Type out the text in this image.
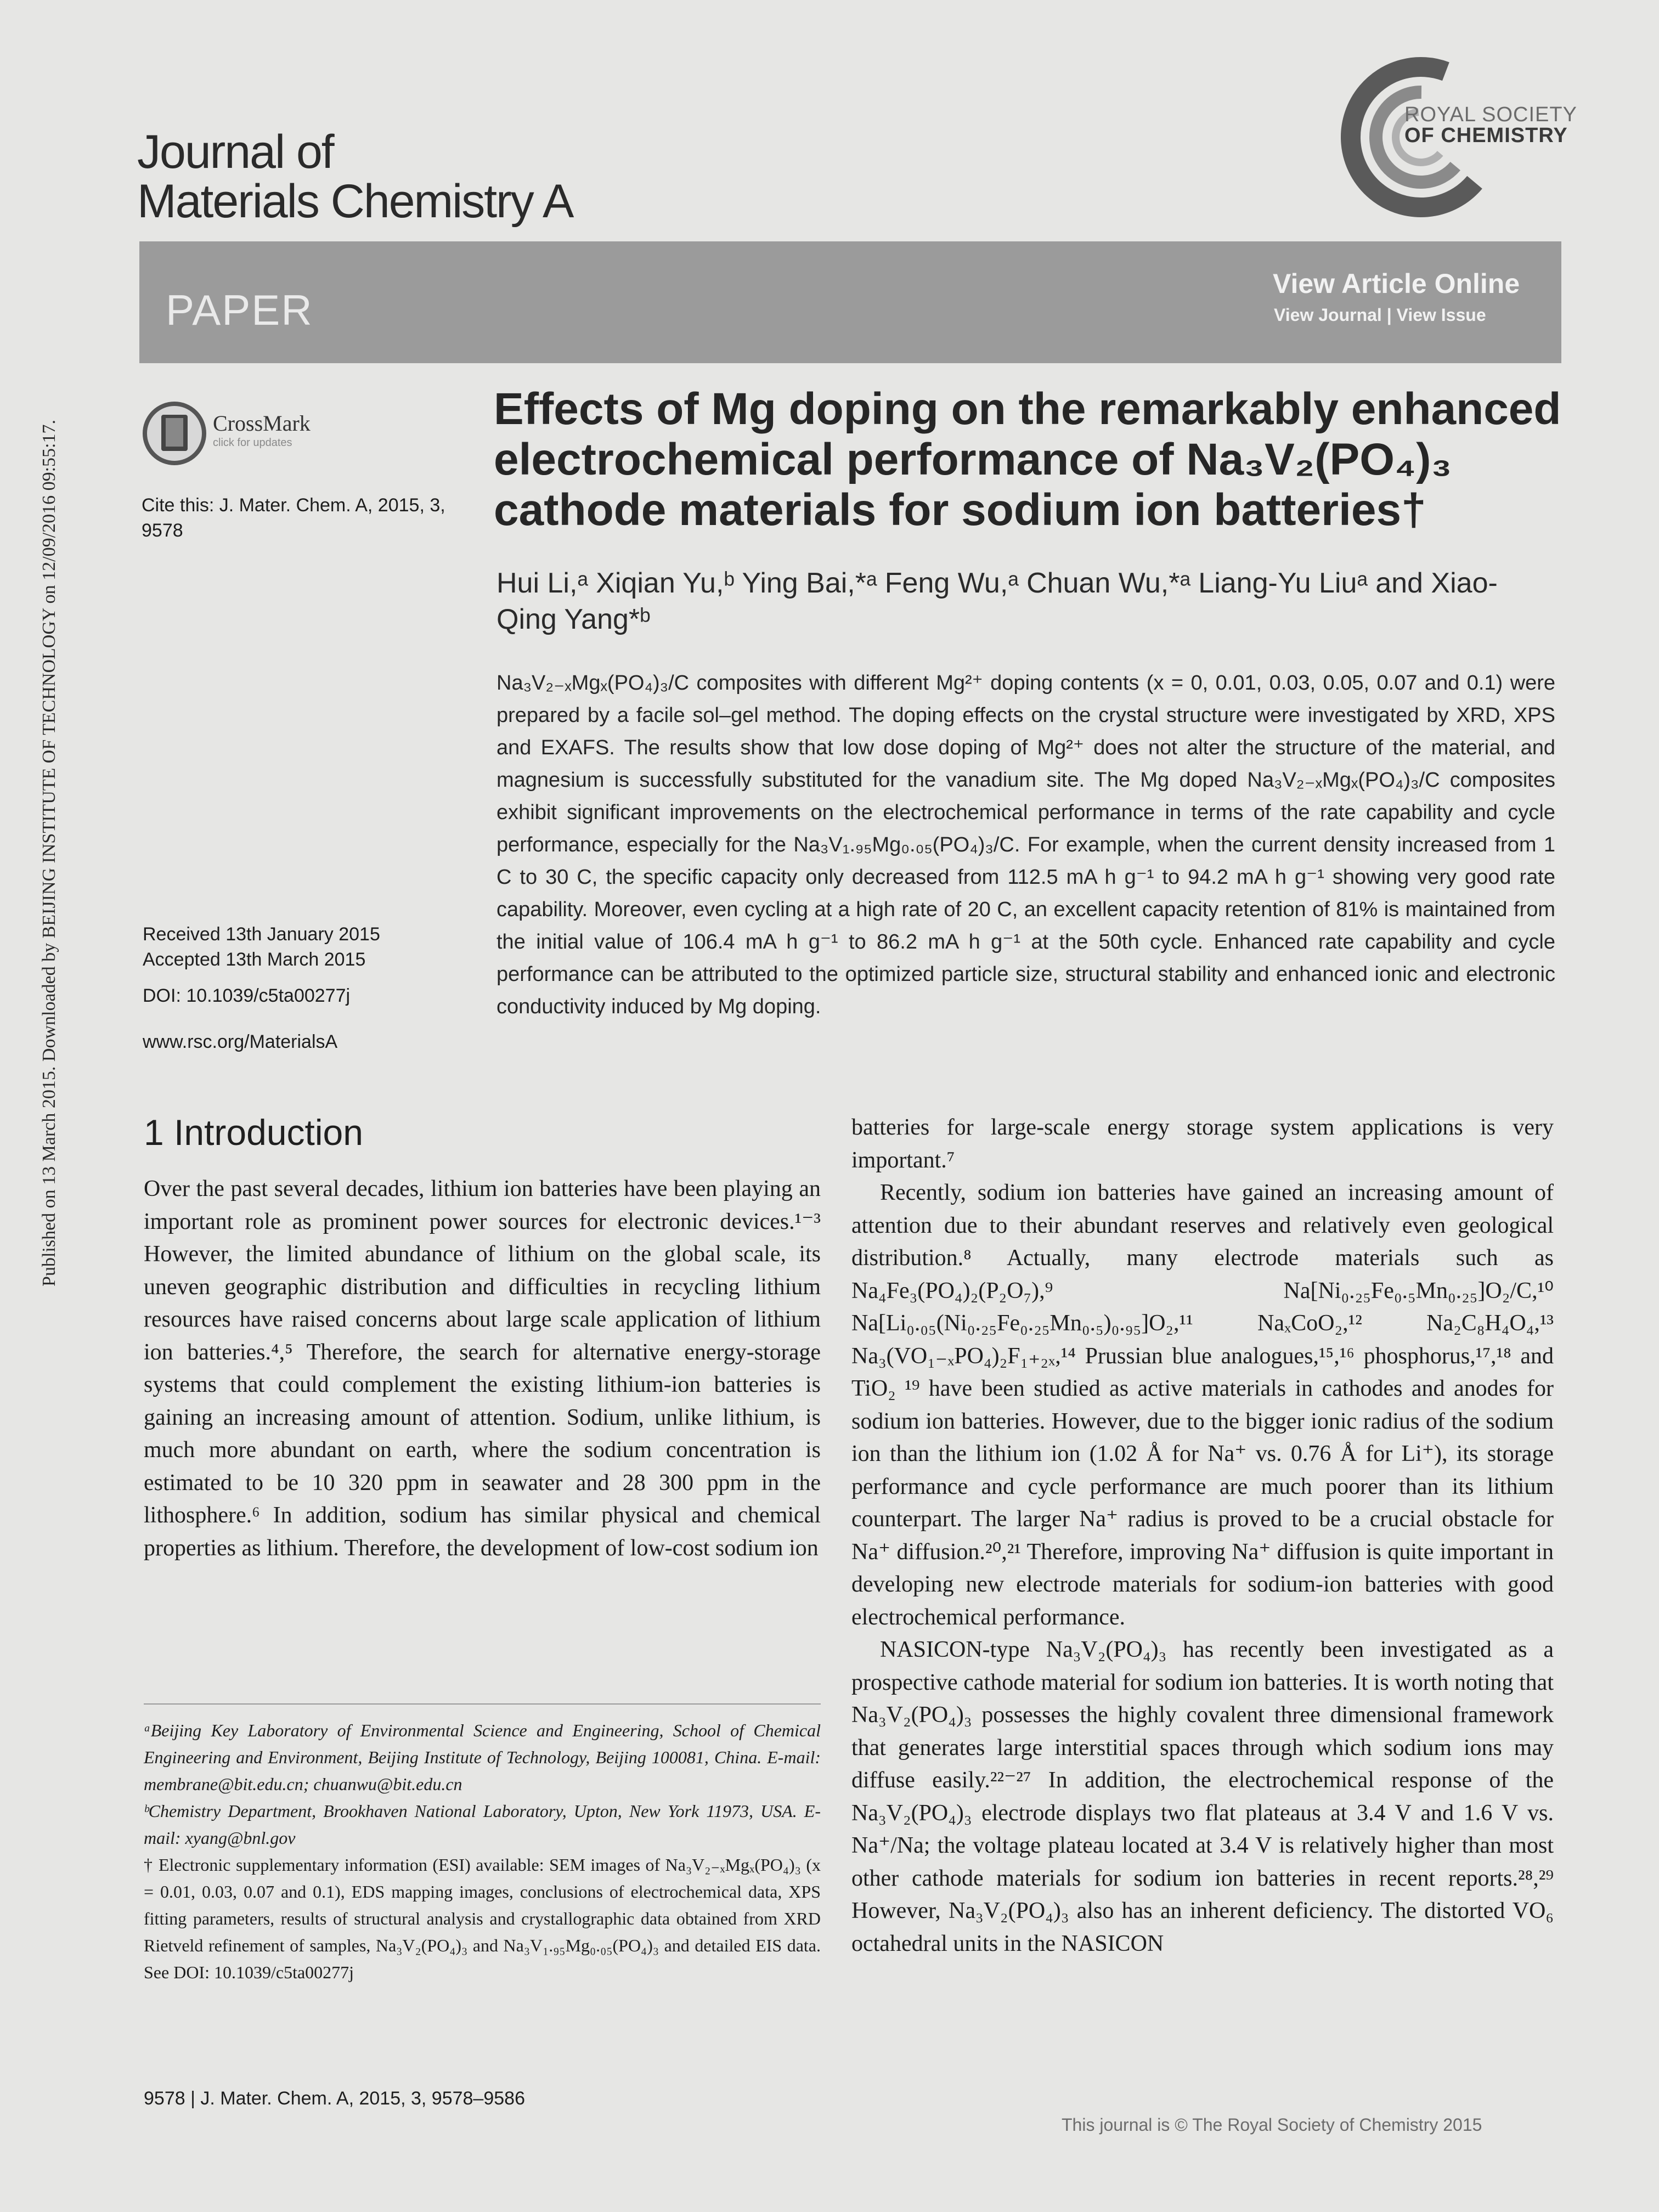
Published on 13 March 2015. Downloaded by BEIJING INSTITUTE OF TECHNOLOGY on 12/09/2016 09:55:17.
ROYAL SOCIETY
OF CHEMISTRY
Journal of
Materials Chemistry A
PAPER
View Article Online
View Journal | View Issue
CrossMark
click for updates
Cite this: J. Mater. Chem. A, 2015, 3, 9578
Effects of Mg doping on the remarkably enhanced electrochemical performance of Na₃V₂(PO₄)₃ cathode materials for sodium ion batteries†
Hui Li,ᵃ Xiqian Yu,ᵇ Ying Bai,*ᵃ Feng Wu,ᵃ Chuan Wu,*ᵃ Liang-Yu Liuᵃ and Xiao-Qing Yang*ᵇ
Na₃V₂₋ₓMgₓ(PO₄)₃/C composites with different Mg²⁺ doping contents (x = 0, 0.01, 0.03, 0.05, 0.07 and 0.1) were prepared by a facile sol–gel method. The doping effects on the crystal structure were investigated by XRD, XPS and EXAFS. The results show that low dose doping of Mg²⁺ does not alter the structure of the material, and magnesium is successfully substituted for the vanadium site. The Mg doped Na₃V₂₋ₓMgₓ(PO₄)₃/C composites exhibit significant improvements on the electrochemical performance in terms of the rate capability and cycle performance, especially for the Na₃V₁.₉₅Mg₀.₀₅(PO₄)₃/C. For example, when the current density increased from 1 C to 30 C, the specific capacity only decreased from 112.5 mA h g⁻¹ to 94.2 mA h g⁻¹ showing very good rate capability. Moreover, even cycling at a high rate of 20 C, an excellent capacity retention of 81% is maintained from the initial value of 106.4 mA h g⁻¹ to 86.2 mA h g⁻¹ at the 50th cycle. Enhanced rate capability and cycle performance can be attributed to the optimized particle size, structural stability and enhanced ionic and electronic conductivity induced by Mg doping.
Received 13th January 2015
Accepted 13th March 2015
DOI: 10.1039/c5ta00277j
www.rsc.org/MaterialsA
1 Introduction

Over the past several decades, lithium ion batteries have been playing an important role as prominent power sources for electronic devices.¹⁻³ However, the limited abundance of lithium on the global scale, its uneven geographic distribution and difficulties in recycling lithium resources have raised concerns about large scale application of lithium ion batteries.⁴,⁵ Therefore, the search for alternative energy-storage systems that could complement the existing lithium-ion batteries is gaining an increasing amount of attention. Sodium, unlike lithium, is much more abundant on earth, where the sodium concentration is estimated to be 10 320 ppm in seawater and 28 300 ppm in the lithosphere.⁶ In addition, sodium has similar physical and chemical properties as lithium. Therefore, the development of low-cost sodium ion

batteries for large-scale energy storage system applications is very important.⁷

Recently, sodium ion batteries have gained an increasing amount of attention due to their abundant reserves and relatively even geological distribution.⁸ Actually, many electrode materials such as Na₄Fe₃(PO₄)₂(P₂O₇),⁹ Na[Ni₀.₂₅Fe₀.₅Mn₀.₂₅]O₂/C,¹⁰ Na[Li₀.₀₅(Ni₀.₂₅Fe₀.₂₅Mn₀.₅)₀.₉₅]O₂,¹¹ NaₓCoO₂,¹² Na₂C₈H₄O₄,¹³ Na₃(VO₁₋ₓPO₄)₂F₁₊₂ₓ,¹⁴ Prussian blue analogues,¹⁵,¹⁶ phosphorus,¹⁷,¹⁸ and TiO₂ ¹⁹ have been studied as active materials in cathodes and anodes for sodium ion batteries. However, due to the bigger ionic radius of the sodium ion than the lithium ion (1.02 Å for Na⁺ vs. 0.76 Å for Li⁺), its storage performance and cycle performance are much poorer than its lithium counterpart. The larger Na⁺ radius is proved to be a crucial obstacle for Na⁺ diffusion.²⁰,²¹ Therefore, improving Na⁺ diffusion is quite important in developing new electrode materials for sodium-ion batteries with good electrochemical performance.

NASICON-type Na₃V₂(PO₄)₃ has recently been investigated as a prospective cathode material for sodium ion batteries. It is worth noting that Na₃V₂(PO₄)₃ possesses the highly covalent three dimensional framework that generates large interstitial spaces through which sodium ions may diffuse easily.²²⁻²⁷ In addition, the electrochemical response of the Na₃V₂(PO₄)₃ electrode displays two flat plateaus at 3.4 V and 1.6 V vs. Na⁺/Na; the voltage plateau located at 3.4 V is relatively higher than most other cathode materials for sodium ion batteries in recent reports.²⁸,²⁹ However, Na₃V₂(PO₄)₃ also has an inherent deficiency. The distorted VO₆ octahedral units in the NASICON

ᵃBeijing Key Laboratory of Environmental Science and Engineering, School of Chemical Engineering and Environment, Beijing Institute of Technology, Beijing 100081, China. E-mail: membrane@bit.edu.cn; chuanwu@bit.edu.cn

ᵇChemistry Department, Brookhaven National Laboratory, Upton, New York 11973, USA. E-mail: xyang@bnl.gov

† Electronic supplementary information (ESI) available: SEM images of Na₃V₂₋ₓMgₓ(PO₄)₃ (x = 0.01, 0.03, 0.07 and 0.1), EDS mapping images, conclusions of electrochemical data, XPS fitting parameters, results of structural analysis and crystallographic data obtained from XRD Rietveld refinement of samples, Na₃V₂(PO₄)₃ and Na₃V₁.₉₅Mg₀.₀₅(PO₄)₃ and detailed EIS data. See DOI: 10.1039/c5ta00277j

9578 | J. Mater. Chem. A, 2015, 3, 9578–9586
This journal is © The Royal Society of Chemistry 2015
